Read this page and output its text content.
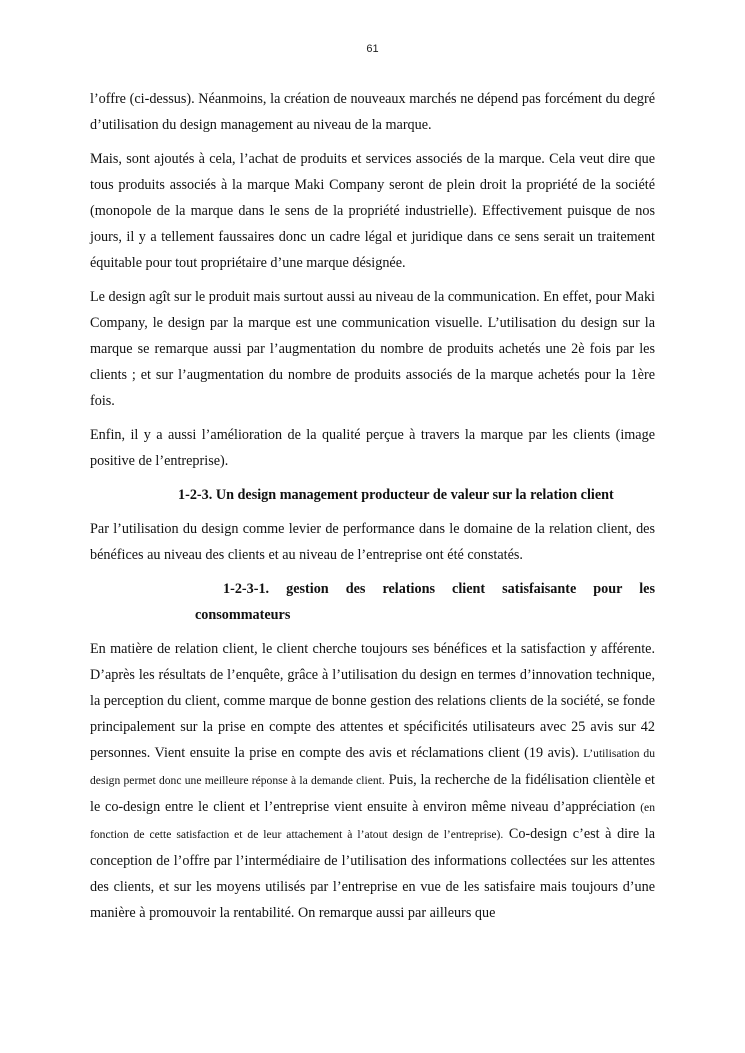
61

l’offre (ci-dessus). Néanmoins, la création de nouveaux marchés ne dépend pas forcément du degré d’utilisation du design management au niveau de la marque.

Mais, sont ajoutés à cela, l’achat de produits et services associés de la marque. Cela veut dire que tous produits associés à la marque Maki Company seront de plein droit la propriété de la société (monopole de la marque dans le sens de la propriété industrielle). Effectivement puisque de nos jours, il y a tellement faussaires donc un cadre légal et juridique dans ce sens serait un traitement équitable pour tout propriétaire d’une marque désignée.

Le design agît sur le produit mais surtout aussi au niveau de la communication. En effet, pour Maki Company, le design par la marque est une communication visuelle. L’utilisation du design sur la marque se remarque aussi par l’augmentation du nombre de produits achetés une 2è fois par les clients ; et sur l’augmentation du nombre de produits associés de la marque achetés pour la 1ère fois.

Enfin, il y a aussi l’amélioration de la qualité perçue à travers la marque par les clients (image positive de l’entreprise).

1-2-3. Un design management producteur de valeur sur la relation client

Par l’utilisation du design comme levier de performance dans le domaine de la relation client, des bénéfices au niveau des clients et au niveau de l’entreprise ont été constatés.

1-2-3-1. gestion des relations client satisfaisante pour les consommateurs

En matière de relation client, le client cherche toujours ses bénéfices et la satisfaction y afférente. D’après les résultats de l’enquête, grâce à l’utilisation du design en termes d’innovation technique, la perception du client, comme marque de bonne gestion des relations clients de la société, se fonde principalement sur la prise en compte des attentes et spécificités utilisateurs avec 25 avis sur 42 personnes. Vient ensuite la prise en compte des avis et réclamations client (19 avis). L’utilisation du design permet donc une meilleure réponse à la demande client. Puis, la recherche de la fidélisation clientèle et le co-design entre le client et l’entreprise vient ensuite à environ même niveau d’appréciation (en fonction de cette satisfaction et de leur attachement à l’atout design de l’entreprise). Co-design c’est à dire la conception de l’offre par l’intermédiaire de l’utilisation des informations collectées sur les attentes des clients, et sur les moyens utilisés par l’entreprise en vue de les satisfaire mais toujours d’une manière à promouvoir la rentabilité. On remarque aussi par ailleurs que
